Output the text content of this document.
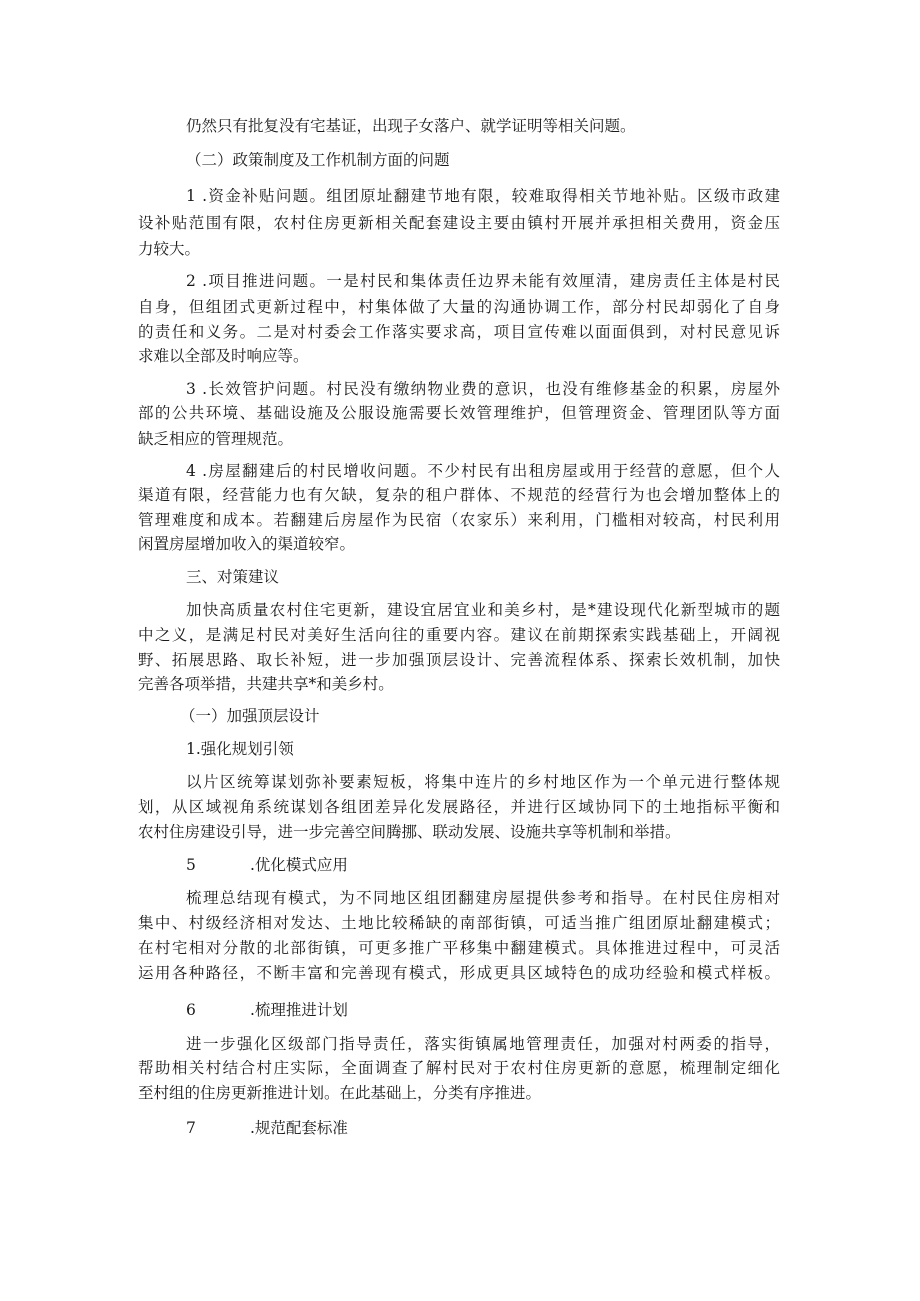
仍然只有批复没有宅基证，出现子女落户、就学证明等相关问题。
（二）政策制度及工作机制方面的问题
1 .资金补贴问题。组团原址翻建节地有限，较难取得相关节地补贴。区级市政建
设补贴范围有限，农村住房更新相关配套建设主要由镇村开展并承担相关费用，资金压
力较大。
2 .项目推进问题。一是村民和集体责任边界未能有效厘清，建房责任主体是村民
自身，但组团式更新过程中，村集体做了大量的沟通协调工作，部分村民却弱化了自身
的责任和义务。二是对村委会工作落实要求高，项目宣传难以面面俱到，对村民意见诉
求难以全部及时响应等。
3 .长效管护问题。村民没有缴纳物业费的意识，也没有维修基金的积累，房屋外
部的公共环境、基础设施及公服设施需要长效管理维护，但管理资金、管理团队等方面
缺乏相应的管理规范。
4 .房屋翻建后的村民增收问题。不少村民有出租房屋或用于经营的意愿，但个人
渠道有限，经营能力也有欠缺，复杂的租户群体、不规范的经营行为也会增加整体上的
管理难度和成本。若翻建后房屋作为民宿（农家乐）来利用，门槛相对较高，村民利用
闲置房屋增加收入的渠道较窄。
三、对策建议
加快高质量农村住宅更新，建设宜居宜业和美乡村，是*建设现代化新型城市的题
中之义，是满足村民对美好生活向往的重要内容。建议在前期探索实践基础上，开阔视
野、拓展思路、取长补短，进一步加强顶层设计、完善流程体系、探索长效机制，加快
完善各项举措，共建共享*和美乡村。
（一）加强顶层设计
1.强化规划引领
以片区统筹谋划弥补要素短板，将集中连片的乡村地区作为一个单元进行整体规
划，从区域视角系统谋划各组团差异化发展路径，并进行区域协同下的土地指标平衡和
农村住房建设引导，进一步完善空间腾挪、联动发展、设施共享等机制和举措。
5	.优化模式应用
梳理总结现有模式，为不同地区组团翻建房屋提供参考和指导。在村民住房相对
集中、村级经济相对发达、土地比较稀缺的南部街镇，可适当推广组团原址翻建模式；
在村宅相对分散的北部街镇，可更多推广平移集中翻建模式。具体推进过程中，可灵活
运用各种路径，不断丰富和完善现有模式，形成更具区域特色的成功经验和模式样板。
6	.梳理推进计划
进一步强化区级部门指导责任，落实街镇属地管理责任，加强对村两委的指导，
帮助相关村结合村庄实际，全面调查了解村民对于农村住房更新的意愿，梳理制定细化
至村组的住房更新推进计划。在此基础上，分类有序推进。
7	.规范配套标准
